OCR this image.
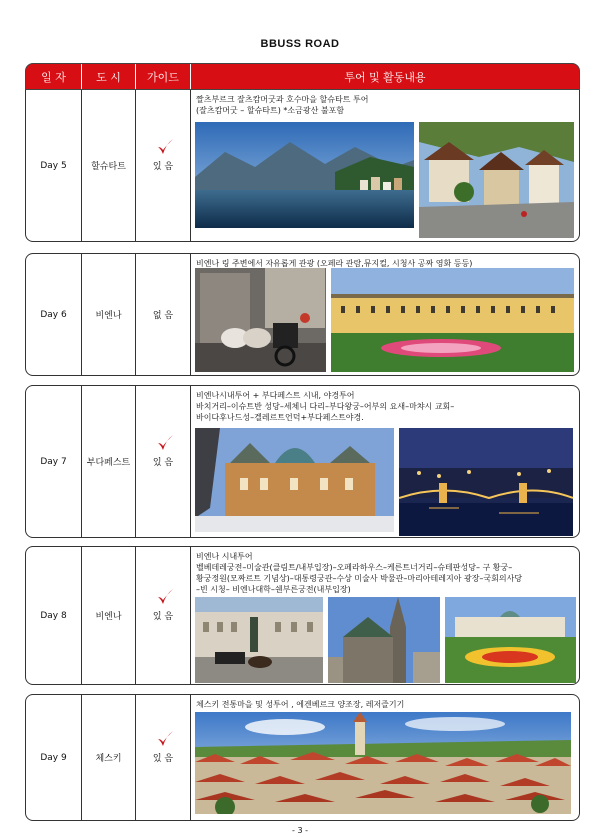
BBUSS ROAD
일 자	도 시	가이드	투어 및 활동내용
Day 5	할슈타트	있 음
짤츠부르크 잘츠캄머굿과 호수마을 할슈타트 투어
(잘츠캄머굿 – 할슈타트) *소금광산 불포함
Day 6	비엔나	없 음
비엔나 링 주변에서 자유롭게 관광 (오페라 관람,뮤지컬, 시청사 공짜 영화 등등)
Day 7	부다페스트	있 음
비엔나시내투어 + 부다페스트 시내, 야경투어
바치거리–이슈트반 성당–세체니 다리–부다왕궁–어부의 요새–마챠시 교회–
바이다후나드성–겔레르트언덕+부다페스트야경.
Day 8	비엔나	있 음
비엔나 시내투어
벨베데레궁전–미술관(클림트/내부입장)–오페라하우스–케른트너거리–슈테판성당– 구 황궁–
황궁정원(모짜르트 기념상)–대통령궁관–수상 미술사 박물관–마리아테레지아 광장–국회의사당
–빈 시청– 비엔나대학–쉔부른궁전(내부입장)
Day 9	체스키	있 음
체스키 전통마을 및 성투어 , 에겐베르크 양조장, 레저즐기기
- 3 -
